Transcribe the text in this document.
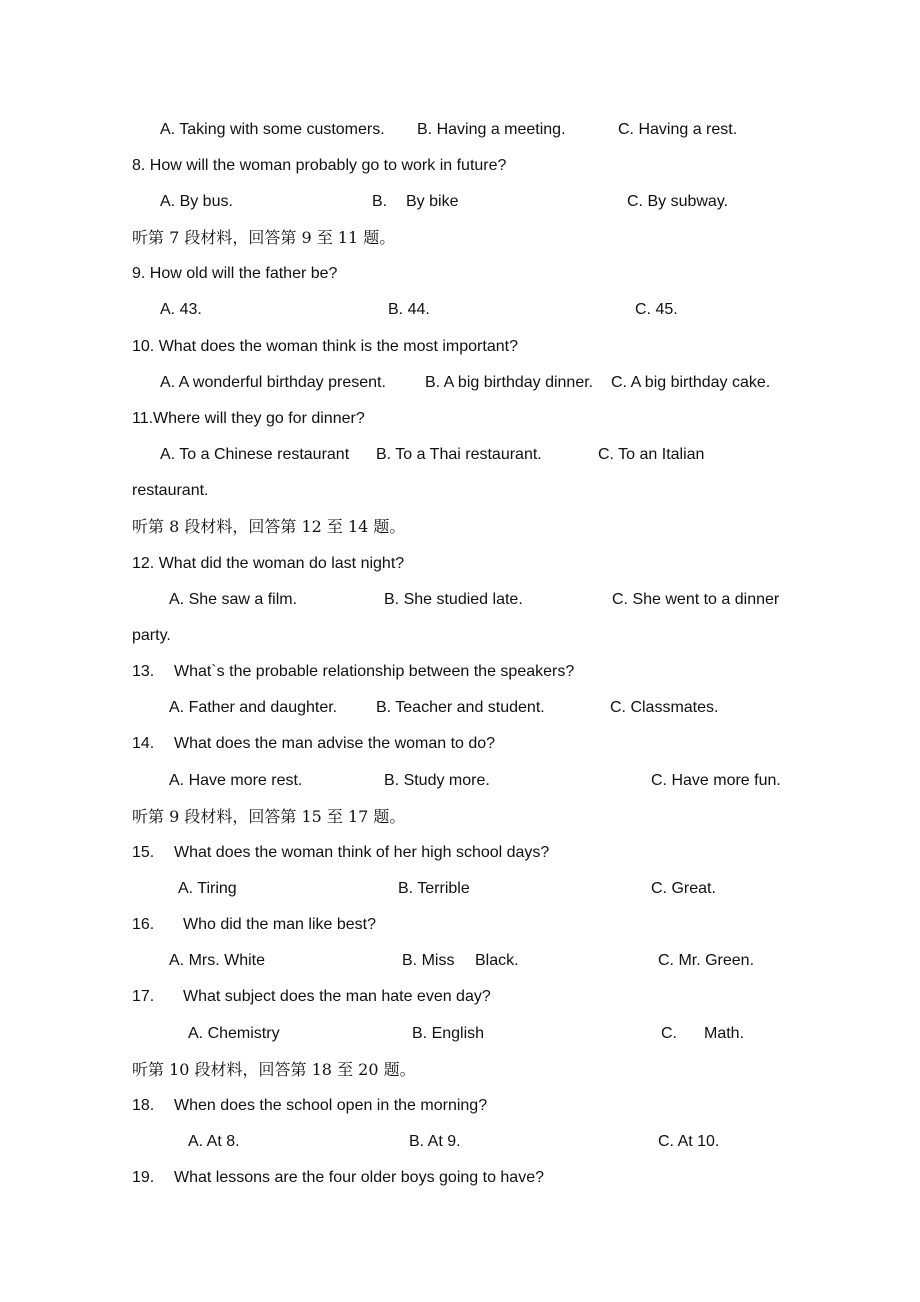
A. Taking with some customers. B. Having a meeting.	C. Having a rest.
8. How will the woman probably go to work in future?
A. By bus.	B. By bike	C. By subway.
听第 7 段材料，回答第 9 至 11 题。
9. How old will the father be?
A. 43.	B. 44.	C. 45.
10. What does the woman think is the most important?
A. A wonderful birthday present. B. A big birthday dinner. C. A big birthday cake.
11.Where will they go for dinner?
A. To a Chinese restaurant B. To a Thai restaurant.	C. To an Italian
restaurant.
听第 8 段材料，回答第 12 至 14 题。
12. What did the woman do last night?
A. She saw a film.	B. She studied late.	C. She went to a dinner
party.
13. What`s the probable relationship between the speakers?
A. Father and daughter. B. Teacher and student.	C. Classmates.
14. What does the man advise the woman to do?
A. Have more rest.	B. Study more.	C. Have more fun.
听第 9 段材料，回答第 15 至 17 题。
15. What does the woman think of her high school days?
A. Tiring	B. Terrible	C. Great.
16. Who did the man like best?
A. Mrs. White	B. Miss Black.	C. Mr. Green.
17. What subject does the man hate even day?
A. Chemistry	B. English	C. Math.
听第 10 段材料，回答第 18 至 20 题。
18. When does the school open in the morning?
A. At 8.	B. At 9.	C. At 10.
19. What lessons are the four older boys going to have?
